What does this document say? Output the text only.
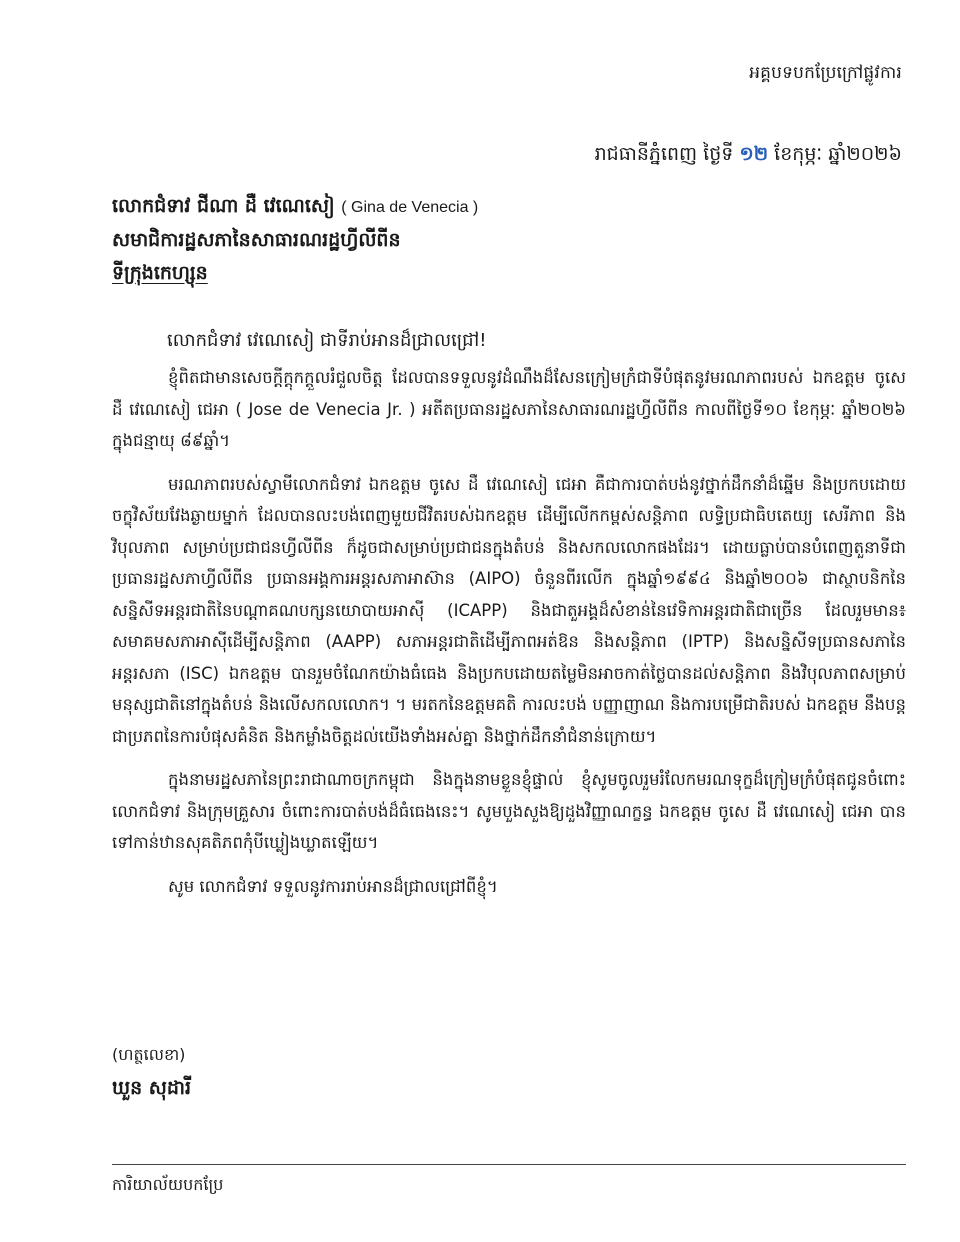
អគ្គបទបកប្រែក្រៅផ្លូវការ
រាជធានីភ្នំពេញ ថ្ងៃទី ១២ ខែកុម្ភៈ ឆ្នាំ២០២៦
លោកជំទាវ ជីណា ដឺ វេណេសៀ ( Gina de Venecia )
សមាជិការដ្ឋសភានៃសាធារណរដ្ឋហ្វីលីពីន
ទីក្រុងកេហ្សុន
លោកជំទាវ វេណេសៀ ជាទីរាប់អានដ៏ជ្រាលជ្រៅ!

ខ្ញុំពិតជាមានសេចក្តីក្តុកក្តួលរំជួលចិត្ត ដែលបានទទួលនូវដំណឹងដ៏សែនក្រៀមក្រំជាទីបំផុតនូវមរណភាពរបស់ ឯកឧត្តម ចូសេ ដឺ វេណេសៀ ជេអា ( Jose de Venecia Jr. ) អតីតប្រធានរដ្ឋសភានៃសាធារណរដ្ឋហ្វីលីពីន កាលពីថ្ងៃទី១០ ខែកុម្ភៈ ឆ្នាំ២០២៦ ក្នុងជន្មាយុ ៨៩ឆ្នាំ។

មរណភាពរបស់ស្វាមីលោកជំទាវ ឯកឧត្តម ចូសេ ដឺ វេណេសៀ ជេអា គឺជាការបាត់បង់នូវថ្នាក់ដឹកនាំដ៏ឆ្នើម និងប្រកបដោយចក្ខុវិស័យវែងឆ្ងាយម្នាក់ ដែលបានលះបង់ពេញមួយជីវិតរបស់ឯកឧត្តម ដើម្បីលើកកម្ពស់សន្តិភាព លទ្ធិប្រជាធិបតេយ្យ សេរីភាព និងវិបុលភាព សម្រាប់ប្រជាជនហ្វីលីពីន ក៏ដូចជាសម្រាប់ប្រជាជនក្នុងតំបន់ និងសកលលោកផងដែរ។ ដោយធ្លាប់បានបំពេញតួនាទីជាប្រធានរដ្ឋសភាហ្វីលីពីន ប្រធានអង្គការអន្តរសភាអាស៊ាន (AIPO) ចំនួនពីរលើក ក្នុងឆ្នាំ១៩៩៤ និងឆ្នាំ២០០៦ ជាស្ថាបនិកនៃសន្និសីទអន្តរជាតិនៃបណ្តាគណបក្សនយោបាយអាស៊ី (ICAPP) និងជាតួអង្គដ៏សំខាន់នៃវេទិកាអន្តរជាតិជាច្រើន ដែលរួមមាន៖ សមាគមសភាអាស៊ីដើម្បីសន្តិភាព (AAPP) សភាអន្តរជាតិដើម្បីភាពអត់ឱន និងសន្តិភាព (IPTP) និងសន្និសីទប្រធានសភានៃអន្តរសភា (ISC) ឯកឧត្តម បានរួមចំណែកយ៉ាងធំធេង និងប្រកបដោយតម្លៃមិនអាចកាត់ថ្លៃបានដល់សន្តិភាព និងវិបុលភាពសម្រាប់មនុស្សជាតិនៅក្នុងតំបន់ និងលើសកលលោក។ ។ មរតកនៃឧត្តមគតិ ការលះបង់ បញ្ញាញាណ និងការបម្រើជាតិរបស់ ឯកឧត្តម នឹងបន្តជាប្រភពនៃការបំផុសគំនិត និងកម្លាំងចិត្តដល់យើងទាំងអស់គ្នា និងថ្នាក់ដឹកនាំជំនាន់ក្រោយ។

ក្នុងនាមរដ្ឋសភានៃព្រះរាជាណាចក្រកម្ពុជា និងក្នុងនាមខ្លួនខ្ញុំផ្ទាល់ ខ្ញុំសូមចូលរួមរំលែកមរណទុក្ខដ៏ក្រៀមក្រំបំផុតជូនចំពោះ លោកជំទាវ និងក្រុមគ្រួសារ ចំពោះការបាត់បង់ដ៏ធំធេងនេះ។ សូមបួងសួងឱ្យដួងវិញ្ញាណក្ខន្ធ ឯកឧត្តម ចូសេ ដឺ វេណេសៀ ជេអា បានទៅកាន់ឋានសុគតិភពកុំបីឃ្លៀងឃ្លាតឡើយ។

សូម លោកជំទាវ ទទួលនូវការរាប់អានដ៏ជ្រាលជ្រៅពីខ្ញុំ។

(ហត្ថលេខា)
ឃួន សុដារី
ការិយាល័យបកប្រែ
